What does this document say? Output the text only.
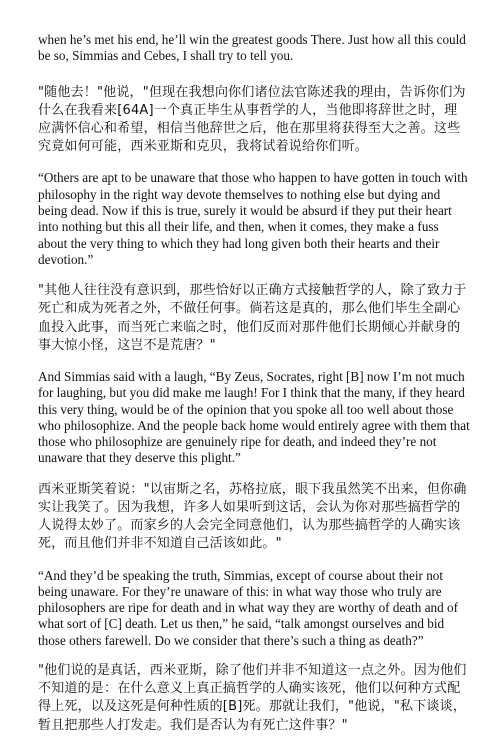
when he’s met his end, he’ll win the greatest goods There. Just how all this could be so, Simmias and Cebes, I shall try to tell you.

"随他去！"他说，"但现在我想向你们诸位法官陈述我的理由，告诉你们为什么在我看来[64A]一个真正毕生从事哲学的人，当他即将辞世之时，理应满怀信心和希望，相信当他辞世之后，他在那里将获得至大之善。这些究竟如何可能，西米亚斯和克贝，我将试着说给你们听。

“Others are apt to be unaware that those who happen to have gotten in touch with philosophy in the right way devote themselves to nothing else but dying and being dead. Now if this is true, surely it would be absurd if they put their heart into nothing but this all their life, and then, when it comes, they make a fuss about the very thing to which they had long given both their hearts and their devotion.”

"其他人往往没有意识到，那些恰好以正确方式接触哲学的人，除了致力于死亡和成为死者之外，不做任何事。倘若这是真的，那么他们毕生全副心血投入此事，而当死亡来临之时，他们反而对那件他们长期倾心并献身的事大惊小怪，这岂不是荒唐？"

And Simmias said with a laugh, “By Zeus, Socrates, right [B] now I’m not much for laughing, but you did make me laugh! For I think that the many, if they heard this very thing, would be of the opinion that you spoke all too well about those who philosophize. And the people back home would entirely agree with them that those who philosophize are genuinely ripe for death, and indeed they’re not unaware that they deserve this plight.”

西米亚斯笑着说："以宙斯之名，苏格拉底，眼下我虽然笑不出来，但你确实让我笑了。因为我想，许多人如果听到这话，会认为你对那些搞哲学的人说得太妙了。而家乡的人会完全同意他们，认为那些搞哲学的人确实该死，而且他们并非不知道自己活该如此。"

“And they’d be speaking the truth, Simmias, except of course about their not being unaware. For they’re unaware of this: in what way those who truly are philosophers are ripe for death and in what way they are worthy of death and of what sort of [C] death. Let us then,” he said, “talk amongst ourselves and bid those others farewell. Do we consider that there’s such a thing as death?”

"他们说的是真话，西米亚斯，除了他们并非不知道这一点之外。因为他们不知道的是：在什么意义上真正搞哲学的人确实该死，他们以何种方式配得上死，以及这死是何种性质的[B]死。那就让我们，"他说，"私下谈谈，暂且把那些人打发走。我们是否认为有死亡这件事？"
